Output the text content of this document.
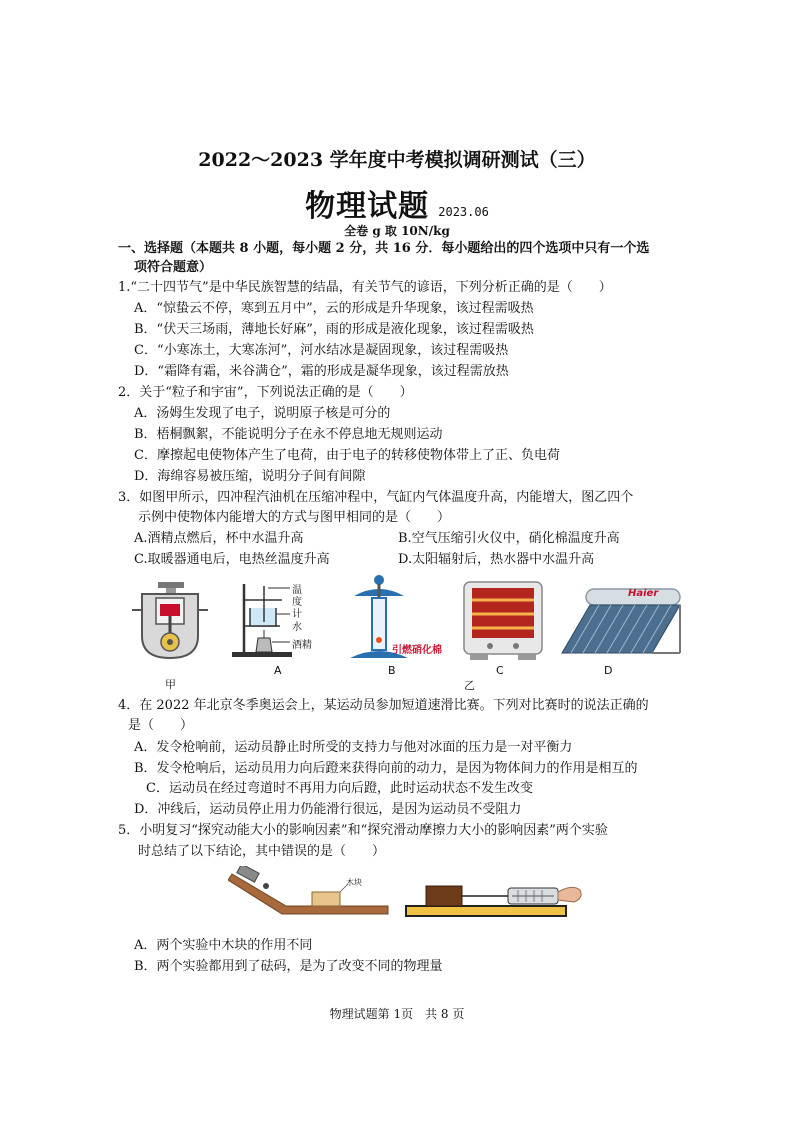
2022～2023 学年度中考模拟调研测试（三）
物理试题 2023.06
全卷 g 取 10N/kg
一、选择题（本题共 8 小题，每小题 2 分，共 16 分．每小题给出的四个选项中只有一个选
项符合题意）
1.“二十四节气”是中华民族智慧的结晶，有关节气的谚语，下列分析正确的是（　　）
A．“惊蛰云不停，寒到五月中”，云的形成是升华现象，该过程需吸热
B．“伏天三场雨，薄地长好麻”，雨的形成是液化现象，该过程需吸热
C．“小寒冻土，大寒冻河”，河水结冰是凝固现象，该过程需吸热
D．“霜降有霜，米谷满仓”，霜的形成是凝华现象，该过程需放热
2．关于“粒子和宇宙”，下列说法正确的是（　　）
A．汤姆生发现了电子，说明原子核是可分的
B．梧桐飘絮，不能说明分子在永不停息地无规则运动
C．摩擦起电使物体产生了电荷，由于电子的转移使物体带上了正、负电荷
D．海绵容易被压缩，说明分子间有间隙
3．如图甲所示，四冲程汽油机在压缩冲程中，气缸内气体温度升高，内能增大，图乙四个
示例中使物体内能增大的方式与图甲相同的是（　　）
A.酒精点燃后，杯中水温升高	B.空气压缩引火仪中，硝化棉温度升高
C.取暖器通电后，电热丝温度升高	D.太阳辐射后，热水器中水温升高
温
度
计
水
酒精	引燃硝化棉
Haier
甲
A	B
乙
C	D
4．在 2022 年北京冬季奥运会上，某运动员参加短道速滑比赛。下列对比赛时的说法正确的
是（　　）
A．发令枪响前，运动员静止时所受的支持力与他对冰面的压力是一对平衡力
B．发令枪响后，运动员用力向后蹬来获得向前的动力，是因为物体间力的作用是相互的
C．运动员在经过弯道时不再用力向后蹬，此时运动状态不发生改变
D．冲线后，运动员停止用力仍能滑行很远，是因为运动员不受阻力
5．小明复习“探究动能大小的影响因素”和“探究滑动摩擦力大小的影响因素”两个实验
时总结了以下结论，其中错误的是（　　）
木块
A．两个实验中木块的作用不同
B．两个实验都用到了砝码，是为了改变不同的物理量
物理试题第 1页　共 8 页
